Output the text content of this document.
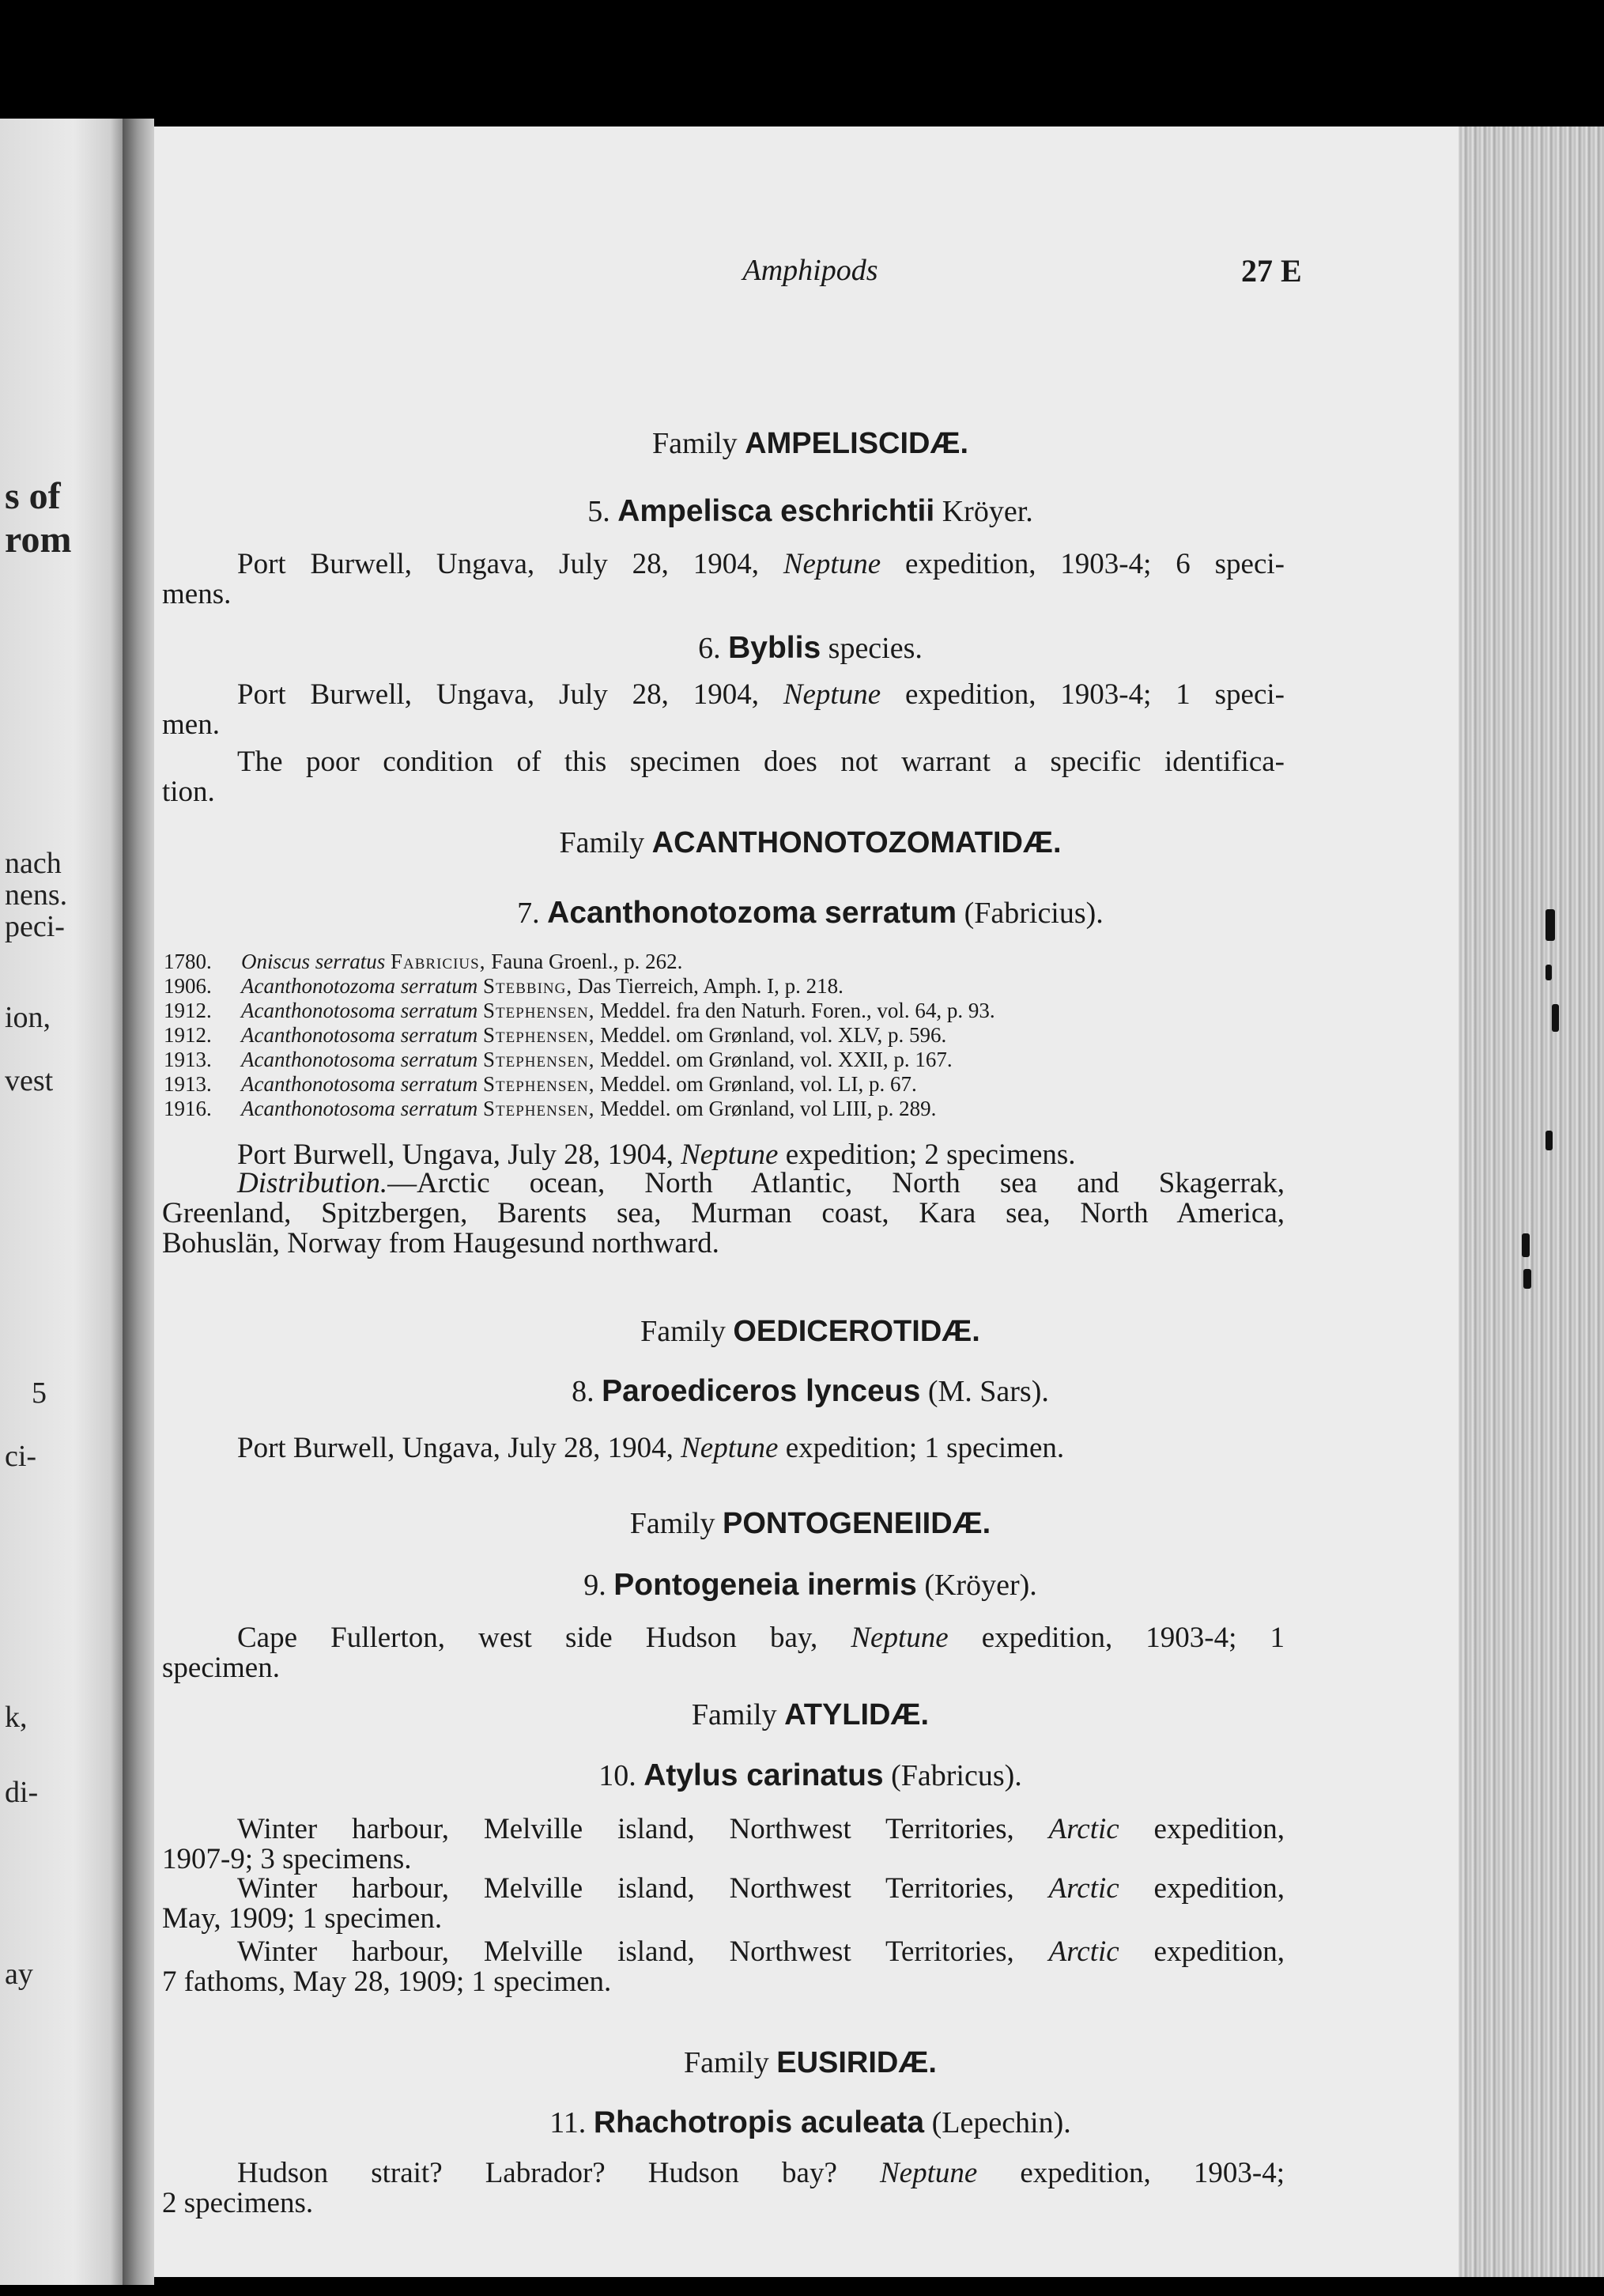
s of
rom
nach
nens.
peci-
ion,
vest
5
ci-
k,
di-
ay
Amphipods	27 E
Family AMPELISCIDÆ.
5. Ampelisca eschrichtii Kröyer.
Port Burwell, Ungava, July 28, 1904, Neptune expedition, 1903-4; 6 speci-
mens.
6. Byblis species.
Port Burwell, Ungava, July 28, 1904, Neptune expedition, 1903-4; 1 speci-
men.
The poor condition of this specimen does not warrant a specific identifica-
tion.
Family ACANTHONOTOZOMATIDÆ.
7. Acanthonotozoma serratum (Fabricius).
1780. Oniscus serratus Fabricius, Fauna Groenl., p. 262.
1906. Acanthonotozoma serratum Stebbing, Das Tierreich, Amph. I, p. 218.
1912. Acanthonotosoma serratum Stephensen, Meddel. fra den Naturh. Foren., vol. 64, p. 93.
1912. Acanthonotosoma serratum Stephensen, Meddel. om Grønland, vol. XLV, p. 596.
1913. Acanthonotosoma serratum Stephensen, Meddel. om Grønland, vol. XXII, p. 167.
1913. Acanthonotosoma serratum Stephensen, Meddel. om Grønland, vol. LI, p. 67.
1916. Acanthonotosoma serratum Stephensen, Meddel. om Grønland, vol LIII, p. 289.
Port Burwell, Ungava, July 28, 1904, Neptune expedition; 2 specimens.
Distribution.—Arctic ocean, North Atlantic, North sea and Skagerrak,
Greenland, Spitzbergen, Barents sea, Murman coast, Kara sea, North America,
Bohuslän, Norway from Haugesund northward.
Family OEDICEROTIDÆ.
8. Paroediceros lynceus (M. Sars).
Port Burwell, Ungava, July 28, 1904, Neptune expedition; 1 specimen.
Family PONTOGENEIIDÆ.
9. Pontogeneia inermis (Kröyer).
Cape Fullerton, west side Hudson bay, Neptune expedition, 1903-4; 1
specimen.
Family ATYLIDÆ.
10. Atylus carinatus (Fabricus).
Winter harbour, Melville island, Northwest Territories, Arctic expedition,
1907-9; 3 specimens.
Winter harbour, Melville island, Northwest Territories, Arctic expedition,
May, 1909; 1 specimen.
Winter harbour, Melville island, Northwest Territories, Arctic expedition,
7 fathoms, May 28, 1909; 1 specimen.
Family EUSIRIDÆ.
11. Rhachotropis aculeata (Lepechin).
Hudson strait? Labrador? Hudson bay? Neptune expedition, 1903-4;
2 specimens.
